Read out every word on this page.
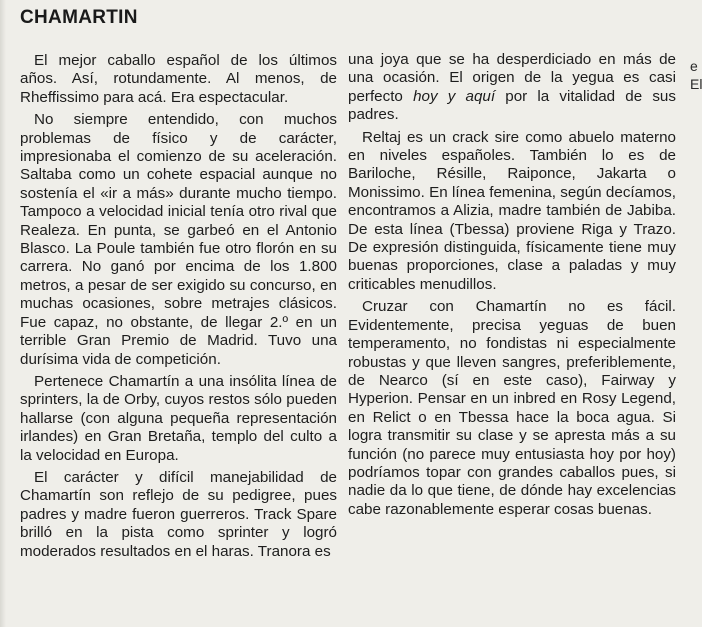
CHAMARTIN

El mejor caballo español de los últimos años. Así, rotundamente. Al menos, de Rheffissimo para acá. Era espectacular.

No siempre entendido, con muchos problemas de físico y de carácter, impresionaba el comienzo de su aceleración. Saltaba como un cohete espacial aunque no sostenía el «ir a más» durante mucho tiempo. Tampoco a velocidad inicial tenía otro rival que Realeza. En punta, se garbeó en el Antonio Blasco. La Poule también fue otro florón en su carrera. No ganó por encima de los 1.800 metros, a pesar de ser exigido su concurso, en muchas ocasiones, sobre metrajes clásicos. Fue capaz, no obstante, de llegar 2.º en un terrible Gran Premio de Madrid. Tuvo una durísima vida de competición.

Pertenece Chamartín a una insólita línea de sprinters, la de Orby, cuyos restos sólo pueden hallarse (con alguna pequeña representación irlandes) en Gran Bretaña, templo del culto a la velocidad en Europa.

El carácter y difícil manejabilidad de Chamartín son reflejo de su pedigree, pues padres y madre fueron guerreros. Track Spare brilló en la pista como sprinter y logró moderados resultados en el haras. Tranora es

una joya que se ha desperdiciado en más de una ocasión. El origen de la yegua es casi perfecto hoy y aquí por la vitalidad de sus padres.

Reltaj es un crack sire como abuelo materno en niveles españoles. También lo es de Bariloche, Résille, Raiponce, Jakarta o Monissimo. En línea femenina, según decíamos, encontramos a Alizia, madre también de Jabiba. De esta línea (Tbessa) proviene Riga y Trazo. De expresión distinguida, físicamente tiene muy buenas proporciones, clase a paladas y muy criticables menudillos.

Cruzar con Chamartín no es fácil. Evidentemente, precisa yeguas de buen temperamento, no fondistas ni especialmente robustas y que lleven sangres, preferiblemente, de Nearco (sí en este caso), Fairway y Hyperion. Pensar en un inbred en Rosy Legend, en Relict o en Tbessa hace la boca agua. Si logra transmitir su clase y se apresta más a su función (no parece muy entusiasta hoy por hoy) podríamos topar con grandes caballos pues, si nadie da lo que tiene, de dónde hay excelencias cabe razonablemente esperar cosas buenas.

e
El
